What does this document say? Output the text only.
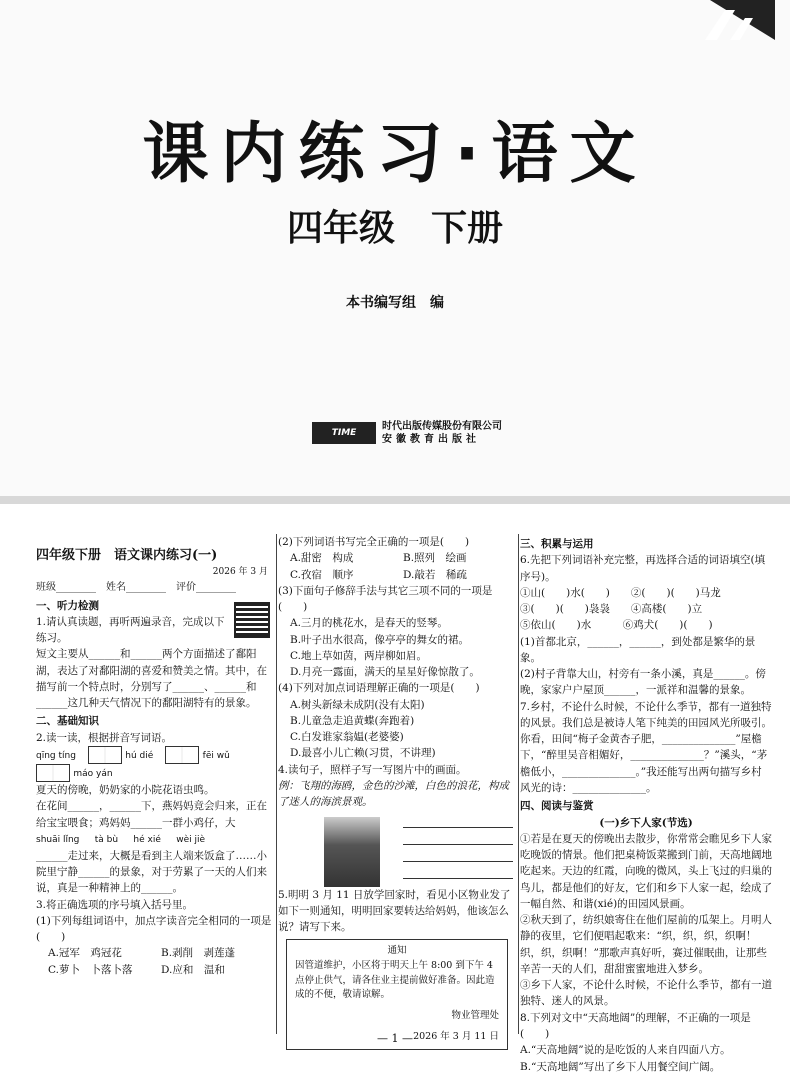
课内练习·语文
四年级　下册
本书编写组　编
TIME
时代出版传媒股份有限公司
安徽教育出版社
四年级下册　语文课内练习(一)
2026 年 3 月
班级________　姓名________　评价________
一、听力检测
1.请认真读题，再听两遍录音，完成以下练习。
短文主要从______和______两个方面描述了鄱阳湖，表达了对鄱阳湖的喜爱和赞美之情。其中，在描写前一个特点时，分别写了______、______和______这几种天气情况下的鄱阳湖特有的景象。
二、基础知识
2.读一读，根据拼音写词语。
qīng tíng	hú dié	fēi wǔ máo yán
夏天的傍晚，奶奶家的小院花语虫鸣。
在花间______，______下，燕妈妈竟会归来，正在给宝宝喂食；鸡妈妈______一群小鸡仔，大
shuāi lǐng tà bù hé xié wèi jiè
______走过来，大概是看到主人端来饭盒了……小院里宁静______的景象，对于劳累了一天的人们来说，真是一种精神上的______。
3.将正确选项的序号填入括号里。
(1)下列每组词语中，加点字读音完全相同的一项是(　　)
A.冠军　鸡冠花	B.剥削　剥莲蓬
C.萝卜　卜落卜落	D.应和　温和
(2)下列词语书写完全正确的一项是(　　)
A.甜密　构成	B.照列　绘画
C.孜宿　顺序	D.敲若　稀疏
(3)下面句子修辞手法与其它三项不同的一项是(　　)
A.三月的桃花水，是春天的竖琴。
B.叶子出水很高，像亭亭的舞女的裙。
C.地上草如茵，两岸柳如眉。
D.月亮一露面，满天的星星好像惊散了。
(4)下列对加点词语理解正确的一项是(　　)
A.树头新绿未成阴(没有太阳)
B.儿童急走追黄蝶(奔跑着)
C.白发谁家翁媪(老婆婆)
D.最喜小儿亡赖(习贯，不讲理)
4.读句子，照样子写一写图片中的画面。
例：飞翔的海鸥，金色的沙滩，白色的浪花，构成了迷人的海滨景观。

5.明明 3 月 11 日放学回家时，看见小区物业发了如下一则通知，明明回家要转达给妈妈，他该怎么说？请写下来。
通知
因管道维护，小区将于明天上午 8:00 到下午 4 点停止供气，请各住业主提前做好准备。因此造成的不便，敬请谅解。
物业管理处
2026 年 3 月 11 日
三、积累与运用
6.先把下列词语补充完整，再选择合适的词语填空(填序号)。
①山(　　)水(　　)　　②(　　)(　　)马龙
③(　　)(　　)袅袅　　④高楼(　　)立
⑤依山(　　)水　　　⑥鸡犬(　　)(　　)
(1)首都北京，______，______，到处都是繁华的景象。
(2)村子背靠大山，村旁有一条小溪，真是______。傍晚，家家户户屋顶______，一派祥和温馨的景象。
7.乡村，不论什么时候，不论什么季节，都有一道独特的风景。我们总是被诗人笔下纯美的田园风光所吸引。你看，田间“梅子金黄杏子肥，______________”屋檐下，“醉里吴音相媚好，______________？”溪头，“茅檐低小，______________。”我还能写出两句描写乡村风光的诗：______________。
四、阅读与鉴赏
(一)乡下人家(节选)
①若是在夏天的傍晚出去散步，你常常会瞧见乡下人家吃晚饭的情景。他们把桌椅饭菜搬到门前，天高地阔地吃起来。天边的红霞，向晚的微风，头上飞过的归巢的鸟儿，都是他们的好友，它们和乡下人家一起，绘成了一幅自然、和谐(xié)的田园风景画。
②秋天到了，纺织娘寄住在他们屋前的瓜架上。月明人静的夜里，它们便唱起歌来：“织，织，织，织啊！织，织，织啊！”那歌声真好听，赛过催眠曲，让那些辛苦一天的人们，甜甜蜜蜜地进入梦乡。
③乡下人家，不论什么时候，不论什么季节，都有一道独特、迷人的风景。
8.下列对文中“天高地阔”的理解，不正确的一项是(　　)
A.“天高地阔”说的是吃饭的人来自四面八方。
B.“天高地阔”写出了乡下人用餐空间广阔。
— 1 —
